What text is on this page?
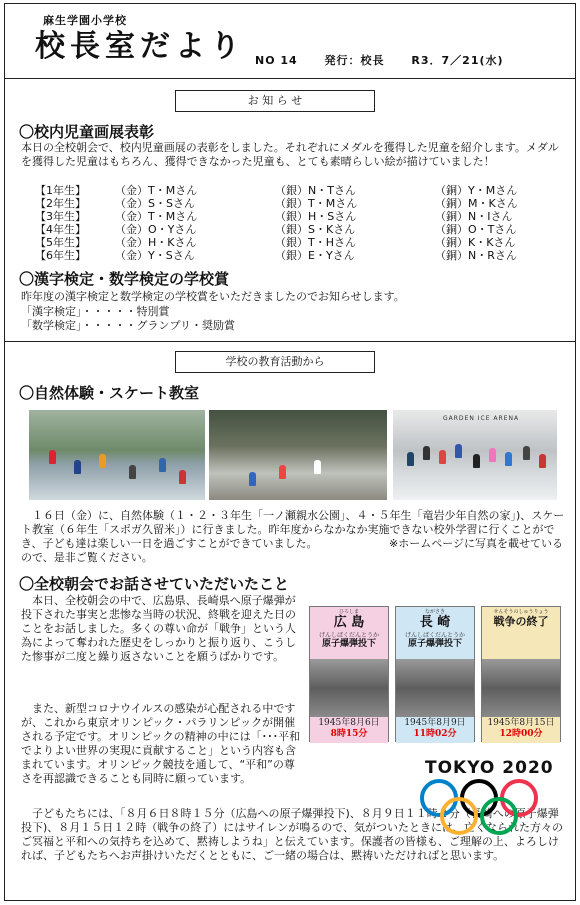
麻生学園小学校
校長室だより NO 14 発行：校長 R3．7／21(水)
お 知 ら せ
〇校内児童画展表彰
本日の全校朝会で、校内児童画展の表彰をしました。それぞれにメダルを獲得した児童を紹介します。メダルを獲得した児童はもちろん、獲得できなかった児童も、とても素晴らしい絵が描けていました！
【1年生】	（金）T・Mさん	（銀）N・Tさん	（銅）Y・Mさん
【2年生】	（金）S・Sさん	（銀）T・Mさん	（銅）M・Kさん
【3年生】	（金）T・Mさん	（銀）H・Sさん	（銅）N・Iさん
【4年生】	（金）O・Yさん	（銀）S・Kさん	（銅）O・Tさん
【5年生】	（金）H・Kさん	（銀）T・Hさん	（銅）K・Kさん
【6年生】	（金）Y・Sさん	（銀）E・Yさん	（銅）N・Rさん
〇漢字検定・数学検定の学校賞
昨年度の漢字検定と数学検定の学校賞をいただきましたのでお知らせします。
「漢字検定」・・・・・特別賞
「数学検定」・・・・・グランプリ・奨励賞
学校の教育活動から
〇自然体験・スケート教室
GARDEN ICE ARENA
　１６日（金）に、自然体験（１・２・３年生「一ノ瀬親水公園」、４・５年生「竜岩少年自然の家」)、スケート教室（６年生「スポガ久留米」）に行きました。昨年度からなかなか実施できない校外学習に行くことができ、子ども達は楽しい一日を過ごすことができていました。　　　　　　　※ホームページに写真を載せているので、是非ご覧ください。
〇全校朝会でお話させていただいたこと
　本日、全校朝会の中で、広島県、長崎県へ原子爆弾が投下された事実と悲惨な当時の状況、終戦を迎えた日のことをお話しました。多くの尊い命が「戦争」という人為によって奪われた歴史をしっかりと振り返り、こうした惨事が二度と繰り返さないことを願うばかりです。
　また、新型コロナウイルスの感染が心配される中ですが、これから東京オリンピック・パラリンピックが開催される予定です。オリンピックの精神の中には「･･･平和でよりよい世界の実現に貢献すること」という内容も含まれています。オリンピック競技を通して、“平和”の尊さを再認識できることも同時に願っています。
　子どもたちには、「８月６日８時１５分（広島への原子爆弾投下)、８月９日１１時２分（長崎への原子爆弾投下)、８月１５日１２時（戦争の終了）にはサイレンが鳴るので、気がついたときには、亡くなられた方々のご冥福と平和への気持ちを込めて、黙祷しようね」と伝えています。保護者の皆様も、ご理解の上、よろしければ、子どもたちへお声掛けいただくとともに、ご一緒の場合は、黙祷いただければと思います。
ひろしま
広 島
げんしばくだんとうか
原子爆弾投下
1945年8月6日
8時15分
ながさき
長 崎
げんしばくだんとうか
原子爆弾投下
1945年8月9日
11時02分
せんそうのしゅうりょう
戦争の終了
1945年8月15日
12時00分
TOKYO 2020
